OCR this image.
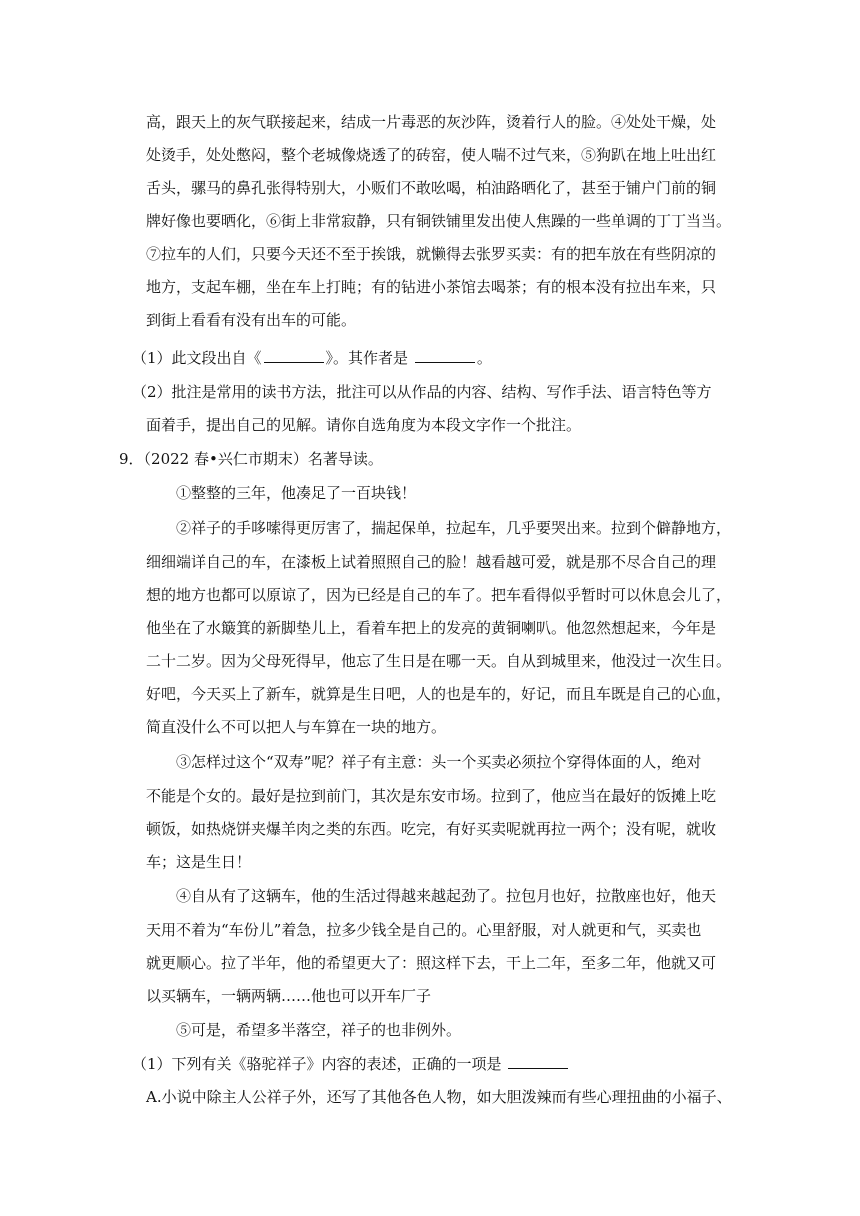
高，跟天上的灰气联接起来，结成一片毒恶的灰沙阵，烫着行人的脸。④处处干燥，处
处烫手，处处憋闷，整个老城像烧透了的砖窑，使人喘不过气来，⑤狗趴在地上吐出红
舌头，骡马的鼻孔张得特别大，小贩们不敢吆喝，柏油路晒化了，甚至于铺户门前的铜
牌好像也要晒化，⑥街上非常寂静，只有铜铁铺里发出使人焦躁的一些单调的丁丁当当。
⑦拉车的人们，只要今天还不至于挨饿，就懒得去张罗买卖：有的把车放在有些阴凉的
地方，支起车棚，坐在车上打盹；有的钻进小茶馆去喝茶；有的根本没有拉出车来，只
到街上看看有没有出车的可能。
（1）此文段出自《	》。其作者是	。
（2）批注是常用的读书方法，批注可以从作品的内容、结构、写作手法、语言特色等方
面着手，提出自己的见解。请你自选角度为本段文字作一个批注。
9．（2022 春•兴仁市期末）名著导读。
①整整的三年，他凑足了一百块钱！
②祥子的手哆嗦得更厉害了，揣起保单，拉起车，几乎要哭出来。拉到个僻静地方，
细细端详自己的车，在漆板上试着照照自己的脸！越看越可爱，就是那不尽合自己的理
想的地方也都可以原谅了，因为已经是自己的车了。把车看得似乎暂时可以休息会儿了，
他坐在了水簸箕的新脚垫儿上，看着车把上的发亮的黄铜喇叭。他忽然想起来，今年是
二十二岁。因为父母死得早，他忘了生日是在哪一天。自从到城里来，他没过一次生日。
好吧，今天买上了新车，就算是生日吧，人的也是车的，好记，而且车既是自己的心血，
简直没什么不可以把人与车算在一块的地方。
③怎样过这个“双寿”呢？祥子有主意：头一个买卖必须拉个穿得体面的人，绝对
不能是个女的。最好是拉到前门，其次是东安市场。拉到了，他应当在最好的饭摊上吃
顿饭，如热烧饼夹爆羊肉之类的东西。吃完，有好买卖呢就再拉一两个；没有呢，就收
车；这是生日！
④自从有了这辆车，他的生活过得越来越起劲了。拉包月也好，拉散座也好，他天
天用不着为“车份儿”着急，拉多少钱全是自己的。心里舒服，对人就更和气，买卖也
就更顺心。拉了半年，他的希望更大了：照这样下去，干上二年，至多二年，他就又可
以买辆车，一辆两辆……他也可以开车厂子
⑤可是，希望多半落空，祥子的也非例外。
（1）下列有关《骆驼祥子》内容的表述，正确的一项是
A.小说中除主人公祥子外，还写了其他各色人物，如大胆泼辣而有些心理扭曲的小福子、
